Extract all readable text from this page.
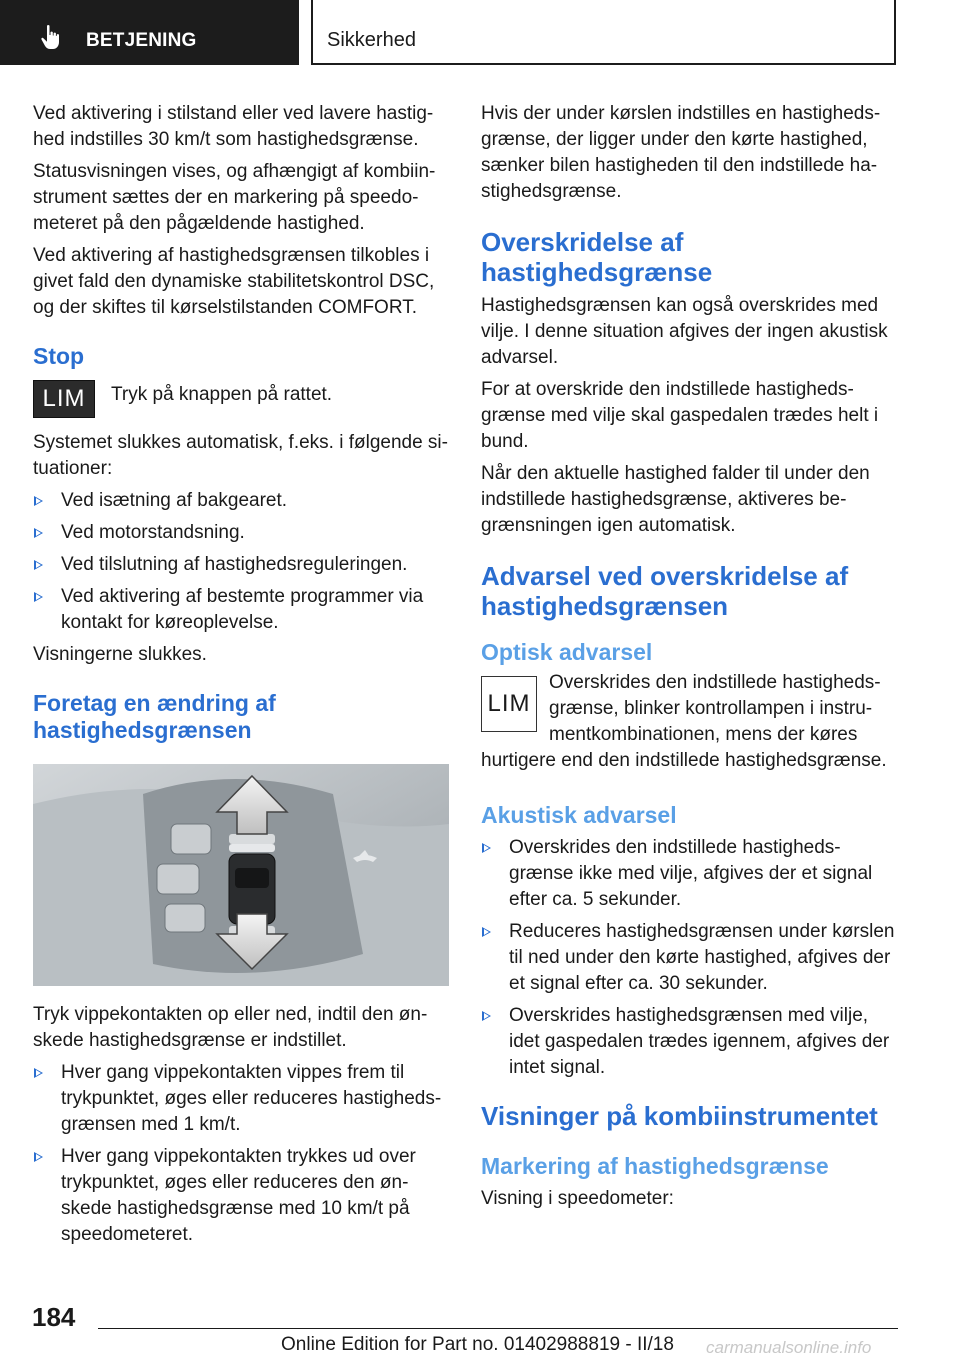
BETJENING	Sikkerhed

Ved aktivering i stilstand eller ved lavere hastig‐hed indstilles 30 km/t som hastighedsgrænse.

Statusvisningen vises, og afhængigt af kombiin‐strument sættes der en markering på speedo‐meteret på den pågældende hastighed.

Ved aktivering af hastighedsgrænsen tilkobles i givet fald den dynamiske stabilitetskontrol DSC, og der skiftes til kørselstilstanden COMFORT.

Stop
LIM	Tryk på knappen på rattet.

Systemet slukkes automatisk, f.eks. i følgende si‐tuationer:

Ved isætning af bakgearet.
Ved motorstandsning.
Ved tilslutning af hastighedsreguleringen.
Ved aktivering af bestemte programmer via kontakt for køreoplevelse.

Visningerne slukkes.

Foretag en ændring af hastighedsgrænsen

Tryk vippekontakten op eller ned, indtil den øn‐skede hastighedsgrænse er indstillet.

Hver gang vippekontakten vippes frem til trykpunktet, øges eller reduceres hastigheds‐grænsen med 1 km/t.
Hver gang vippekontakten trykkes ud over trykpunktet, øges eller reduceres den øn‐skede hastighedsgrænse med 10 km/t på speedometeret.

Hvis der under kørslen indstilles en hastigheds‐grænse, der ligger under den kørte hastighed, sænker bilen hastigheden til den indstillede ha‐stighedsgrænse.

Overskridelse af hastighedsgrænse

Hastighedsgrænsen kan også overskrides med vilje. I denne situation afgives der ingen akustisk advarsel.

For at overskride den indstillede hastigheds‐grænse med vilje skal gaspedalen trædes helt i bund.

Når den aktuelle hastighed falder til under den indstillede hastighedsgrænse, aktiveres be‐grænsningen igen automatisk.

Advarsel ved overskridelse af hastighedsgrænsen
Optisk advarsel
LIM

Overskrides den indstillede hastigheds‐grænse, blinker kontrollampen i instru‐mentkombinationen, mens der køres hurtigere end den indstillede hastighedsgrænse.

Akustisk advarsel
Overskrides den indstillede hastigheds‐grænse ikke med vilje, afgives der et signal efter ca. 5 sekunder.
Reduceres hastighedsgrænsen under kørslen til ned under den kørte hastighed, afgives der et signal efter ca. 30 sekunder.
Overskrides hastighedsgrænsen med vilje, idet gaspedalen trædes igennem, afgives der intet signal.
Visninger på kombiinstrumentet
Markering af hastighedsgrænse

Visning i speedometer:

184
Online Edition for Part no. 01402988819 - II/18 carmanualsonline.info
